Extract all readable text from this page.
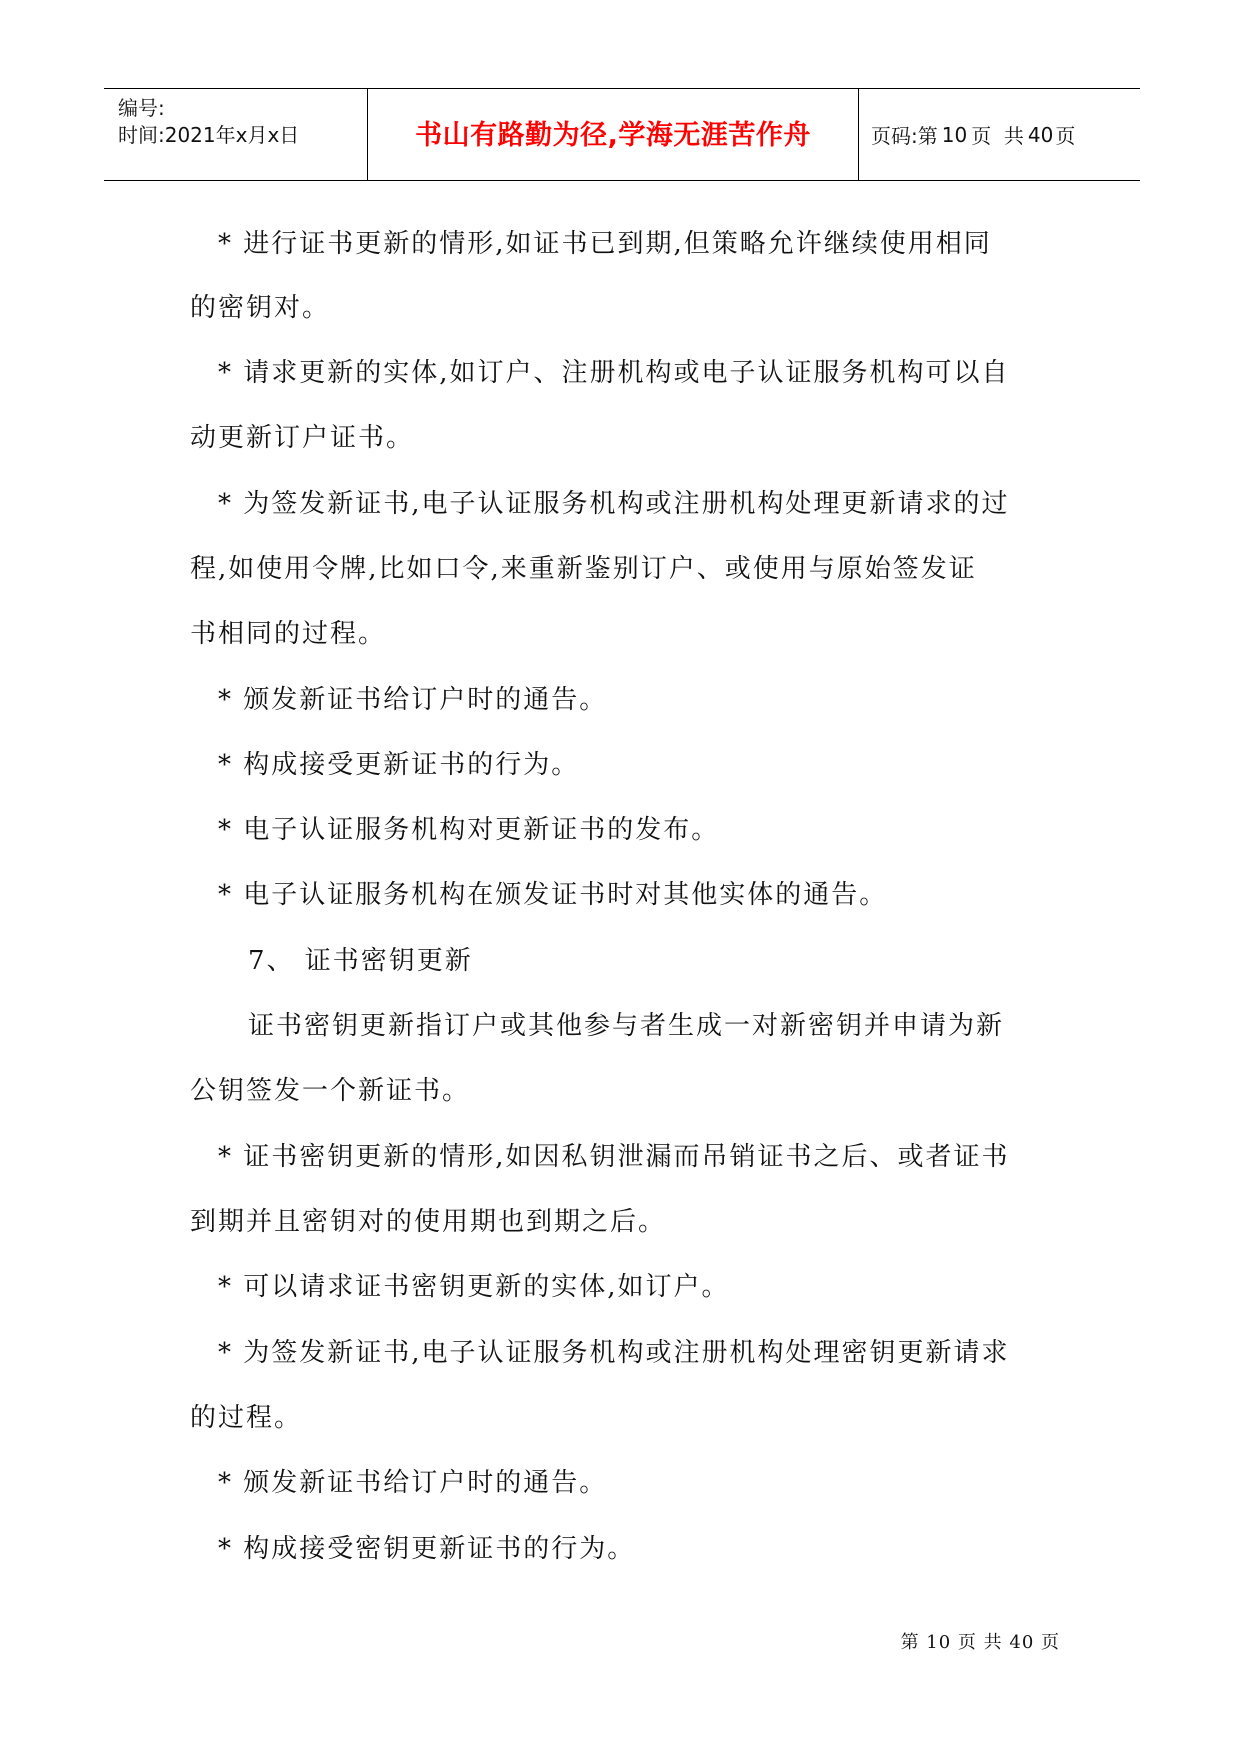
编号:
时间:2021年x月x日	书山有路勤为径,学海无涯苦作舟	页码:第 10 页  共 40 页
* 进行证书更新的情形,如证书已到期,但策略允许继续使用相同
的密钥对。
* 请求更新的实体,如订户、注册机构或电子认证服务机构可以自
动更新订户证书。
* 为签发新证书,电子认证服务机构或注册机构处理更新请求的过
程,如使用令牌,比如口令,来重新鉴别订户、或使用与原始签发证
书相同的过程。
* 颁发新证书给订户时的通告。
* 构成接受更新证书的行为。
* 电子认证服务机构对更新证书的发布。
* 电子认证服务机构在颁发证书时对其他实体的通告。
7、 证书密钥更新
证书密钥更新指订户或其他参与者生成一对新密钥并申请为新
公钥签发一个新证书。
* 证书密钥更新的情形,如因私钥泄漏而吊销证书之后、或者证书
到期并且密钥对的使用期也到期之后。
* 可以请求证书密钥更新的实体,如订户。
* 为签发新证书,电子认证服务机构或注册机构处理密钥更新请求
的过程。
* 颁发新证书给订户时的通告。
* 构成接受密钥更新证书的行为。
第 10 页 共 40 页
